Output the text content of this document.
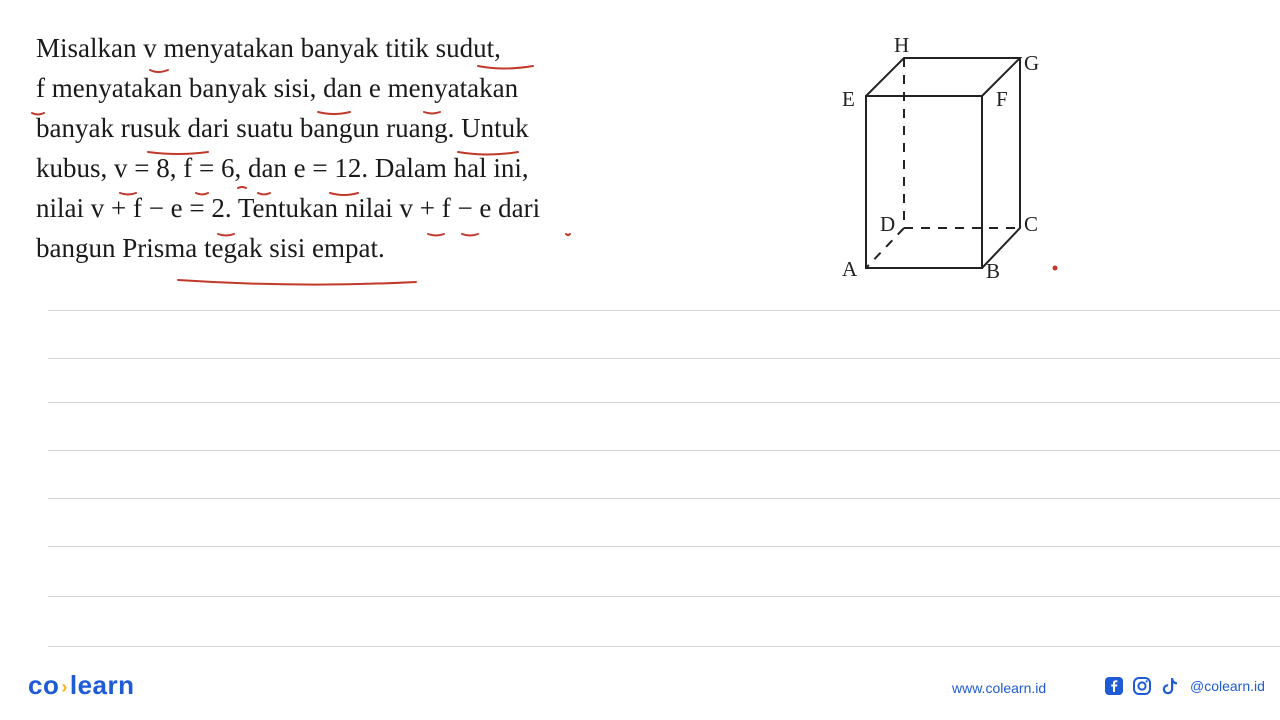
Misalkan v menyatakan banyak titik sudut,
f menyatakan banyak sisi, dan e menyatakan
banyak rusuk dari suatu bangun ruang. Untuk
kubus, v = 8, f = 6, dan e = 12. Dalam hal ini,
nilai v + f − e = 2. Tentukan nilai v + f − e dari
bangun Prisma tegak sisi empat.
H
G
E	F
D	C
A	B
co ›learn	www.colearn.id	@colearn.id
